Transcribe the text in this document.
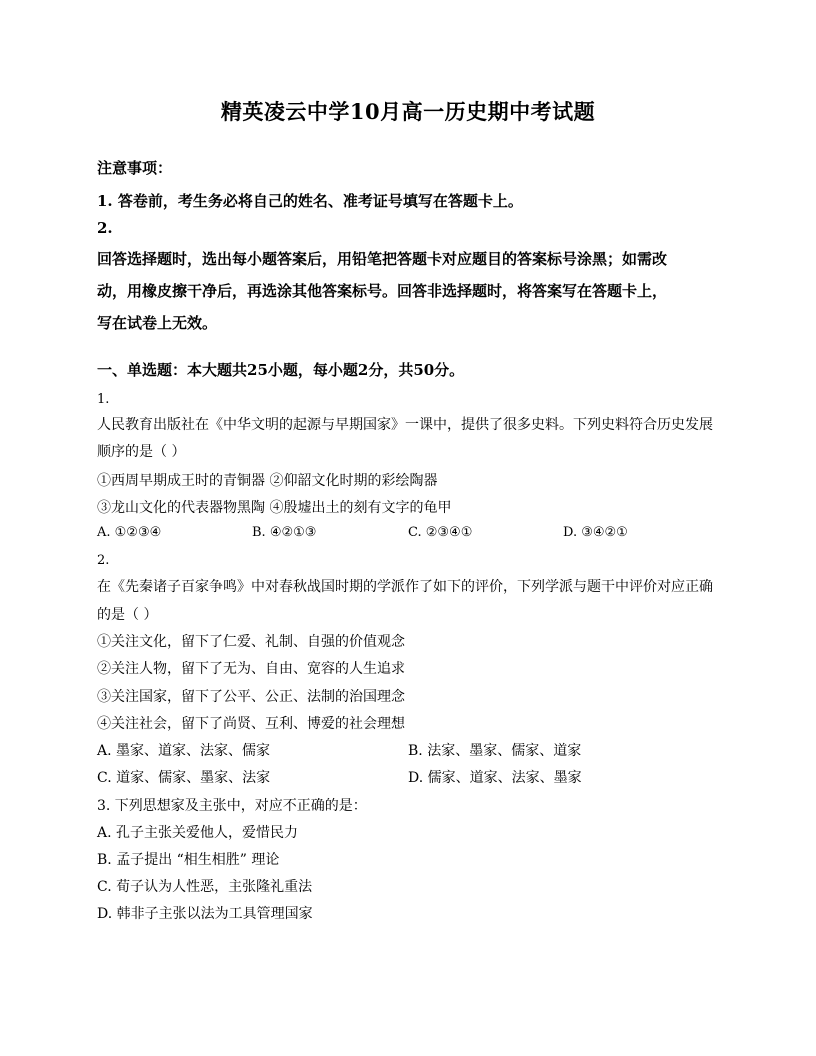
精英凌云中学10月高一历史期中考试题
注意事项：
1. 答卷前，考生务必将自己的姓名、准考证号填写在答题卡上。
2.
回答选择题时，选出每小题答案后，用铅笔把答题卡对应题目的答案标号涂黑；如需改
动，用橡皮擦干净后，再选涂其他答案标号。回答非选择题时，将答案写在答题卡上，
写在试卷上无效。
一、单选题：本大题共25小题，每小题2分，共50分。
1.
人民教育出版社在《中华文明的起源与早期国家》一课中，提供了很多史料。下列史料符合历史发展
顺序的是（ ）
①西周早期成王时的青铜器 ②仰韶文化时期的彩绘陶器
③龙山文化的代表器物黑陶 ④殷墟出土的刻有文字的龟甲
A. ①②③④	B. ④②①③	C. ②③④①	D. ③④②①
2.
在《先秦诸子百家争鸣》中对春秋战国时期的学派作了如下的评价，下列学派与题干中评价对应正确
的是（ ）
①关注文化，留下了仁爱、礼制、自强的价值观念
②关注人物，留下了无为、自由、宽容的人生追求
③关注国家，留下了公平、公正、法制的治国理念
④关注社会，留下了尚贤、互利、博爱的社会理想
A. 墨家、道家、法家、儒家	B. 法家、墨家、儒家、道家
C. 道家、儒家、墨家、法家	D. 儒家、道家、法家、墨家
3. 下列思想家及主张中，对应不正确的是：
A. 孔子主张关爱他人，爱惜民力
B. 孟子提出 “相生相胜” 理论
C. 荀子认为人性恶，主张隆礼重法
D. 韩非子主张以法为工具管理国家
